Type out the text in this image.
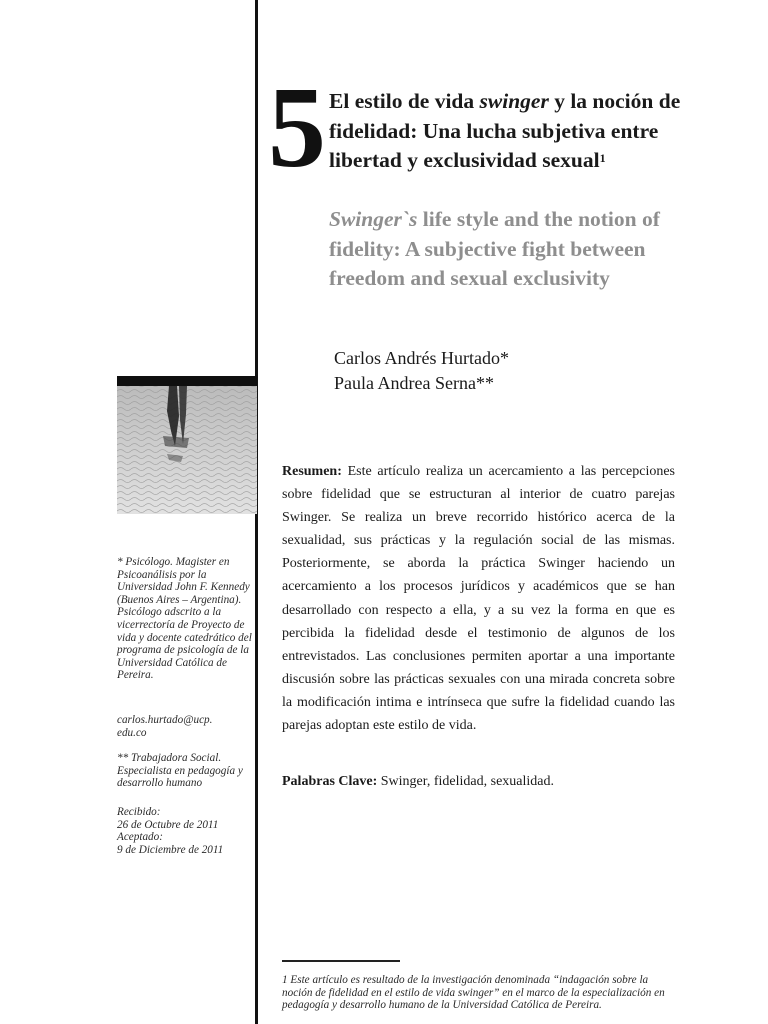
5 El estilo de vida swinger y la noción de fidelidad: Una lucha subjetiva entre libertad y exclusividad sexual$^1$
Swinger`s life style and the notion of fidelity: A subjective fight between freedom and sexual exclusivity
Carlos Andrés Hurtado*
Paula Andrea Serna**

* Psicólogo. Magister en Psicoanálisis por la Universidad John F. Kennedy (Buenos Aires – Argentina). Psicólogo adscrito a la vicerrectoría de Proyecto de vida y docente catedrático del programa de psicología de la Universidad Católica de Pereira.

carlos.hurtado@ucp.

edu.co

** Trabajadora Social. Especialista en pedagogía y desarrollo humano

Recibido:

26 de Octubre de 2011

Aceptado:

9 de Diciembre de 2011

Resumen: Este artículo realiza un acercamiento a las percepciones sobre fidelidad que se estructuran al interior de cuatro parejas Swinger. Se realiza un breve recorrido histórico acerca de la sexualidad, sus prácticas y la regulación social de las mismas. Posteriormente, se aborda la práctica Swinger haciendo un acercamiento a los procesos jurídicos y académicos que se han desarrollado con respecto a ella, y a su vez la forma en que es percibida la fidelidad desde el testimonio de algunos de los entrevistados. Las conclusiones permiten aportar a una importante discusión sobre las prácticas sexuales con una mirada concreta sobre la modificación intima e intrínseca que sufre la fidelidad cuando las parejas adoptan este estilo de vida.
Palabras Clave: Swinger, fidelidad, sexualidad.
1 Este artículo es resultado de la investigación denominada “indagación sobre la noción de fidelidad en el estilo de vida swinger” en el marco de la especialización en pedagogía y desarrollo humano de la Universidad Católica de Pereira.
